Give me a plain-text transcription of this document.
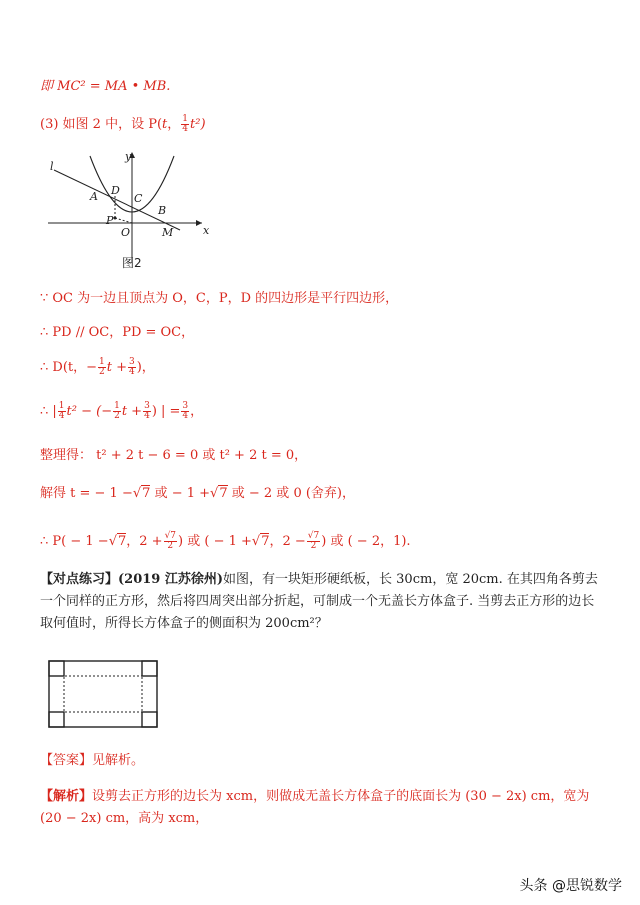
即 MC² = MA • MB.
(3) 如图 2 中，设 P(t， $\frac{1}{4} t^2$)
l
y
x
A D
C
B
P
O	M
图2
∵ OC 为一边且顶点为 O，C，P，D 的四边形是平行四边形，
∴ PD // OC，PD = OC，
∴ D(t，− $\frac{1}{2}$ $t + \frac{3}{4}$ )，
∴ | $\frac{1}{4} t^2$ − (− $\frac{1}{2}$ $t + \frac{3}{4}$ ) | = $\frac{3}{4}$ ，
整理得： t² + 2 t − 6 = 0 或 t² + 2 t = 0，
解得 t = − 1 −√7 或 − 1 +√7 或 − 2 或 0 (舍弃)，
∴ P( − 1 −√7，$2 + \frac{√7}{2}$ ) 或 ( − 1 +√7，$2 - \frac{√7}{2}$ ) 或 ( − 2，1).
【对点练习】(2019 江苏徐州)如图，有一块矩形硬纸板，长 30cm，宽 20cm. 在其四角各剪去一个同样的正方形，然后将四周突出部分折起，可制成一个无盖长方体盒子. 当剪去正方形的边长取何值时，所得长方体盒子的侧面积为 200cm²？
【答案】见解析。
【解析】设剪去正方形的边长为 xcm，则做成无盖长方体盒子的底面长为 (30 − 2x) cm，宽为 (20 − 2x) cm，高为 xcm，
头条 @思锐数学
